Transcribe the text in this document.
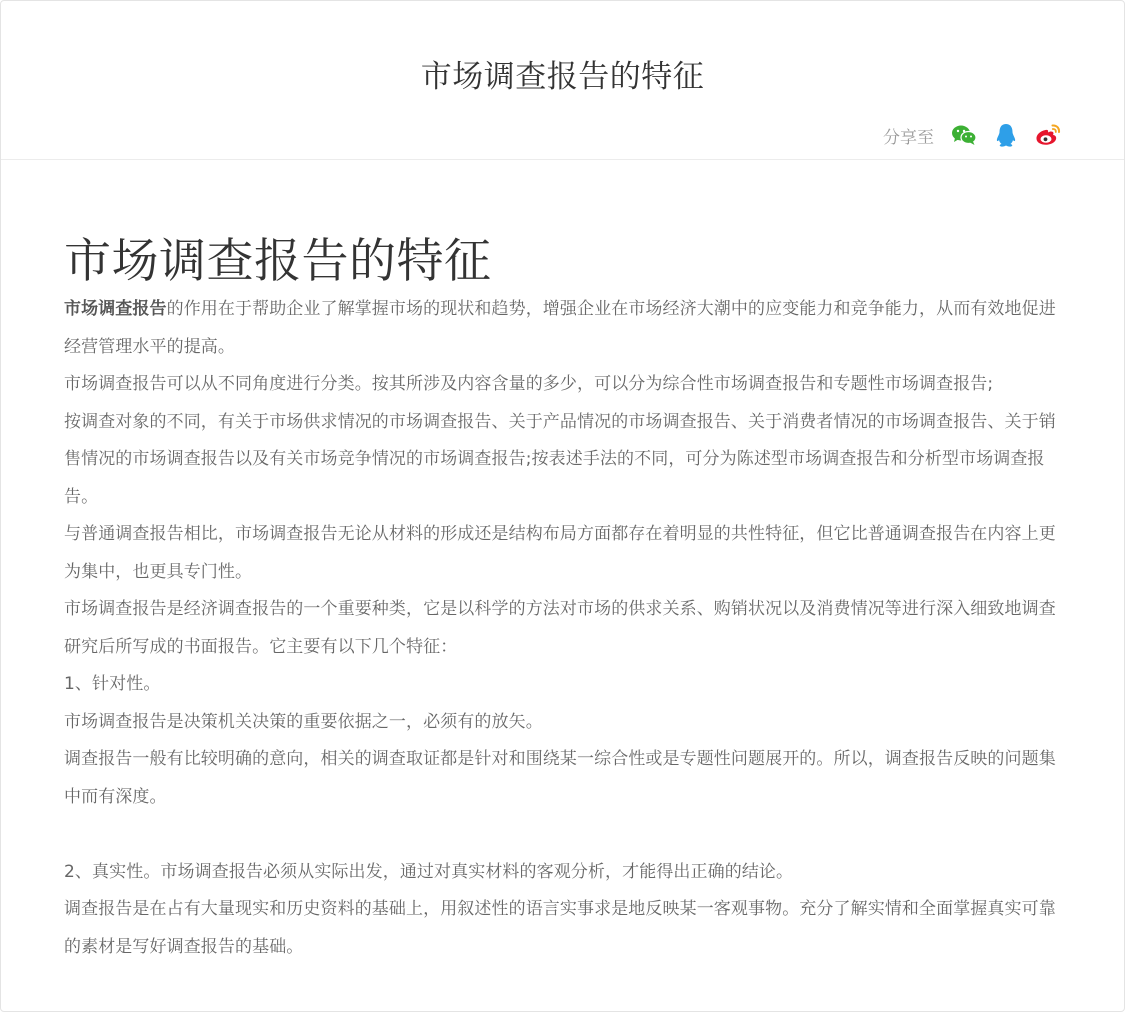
市场调查报告的特征
分享至
市场调查报告的特征

市场调查报告的作用在于帮助企业了解掌握市场的现状和趋势，增强企业在市场经济大潮中的应变能力和竞争能力，从而有效地促进经营管理水平的提高。

市场调查报告可以从不同角度进行分类。按其所涉及内容含量的多少，可以分为综合性市场调查报告和专题性市场调查报告;

按调查对象的不同，有关于市场供求情况的市场调查报告、关于产品情况的市场调查报告、关于消费者情况的市场调查报告、关于销售情况的市场调查报告以及有关市场竞争情况的市场调查报告;按表述手法的不同，可分为陈述型市场调查报告和分析型市场调查报告。

与普通调查报告相比，市场调查报告无论从材料的形成还是结构布局方面都存在着明显的共性特征，但它比普通调查报告在内容上更为集中，也更具专门性。

市场调查报告是经济调查报告的一个重要种类，它是以科学的方法对市场的供求关系、购销状况以及消费情况等进行深入细致地调查研究后所写成的书面报告。它主要有以下几个特征：

1、针对性。

市场调查报告是决策机关决策的重要依据之一，必须有的放矢。

调查报告一般有比较明确的意向，相关的调查取证都是针对和围绕某一综合性或是专题性问题展开的。所以，调查报告反映的问题集中而有深度。

2、真实性。市场调查报告必须从实际出发，通过对真实材料的客观分析，才能得出正确的结论。

调查报告是在占有大量现实和历史资料的基础上，用叙述性的语言实事求是地反映某一客观事物。充分了解实情和全面掌握真实可靠的素材是写好调查报告的基础。
